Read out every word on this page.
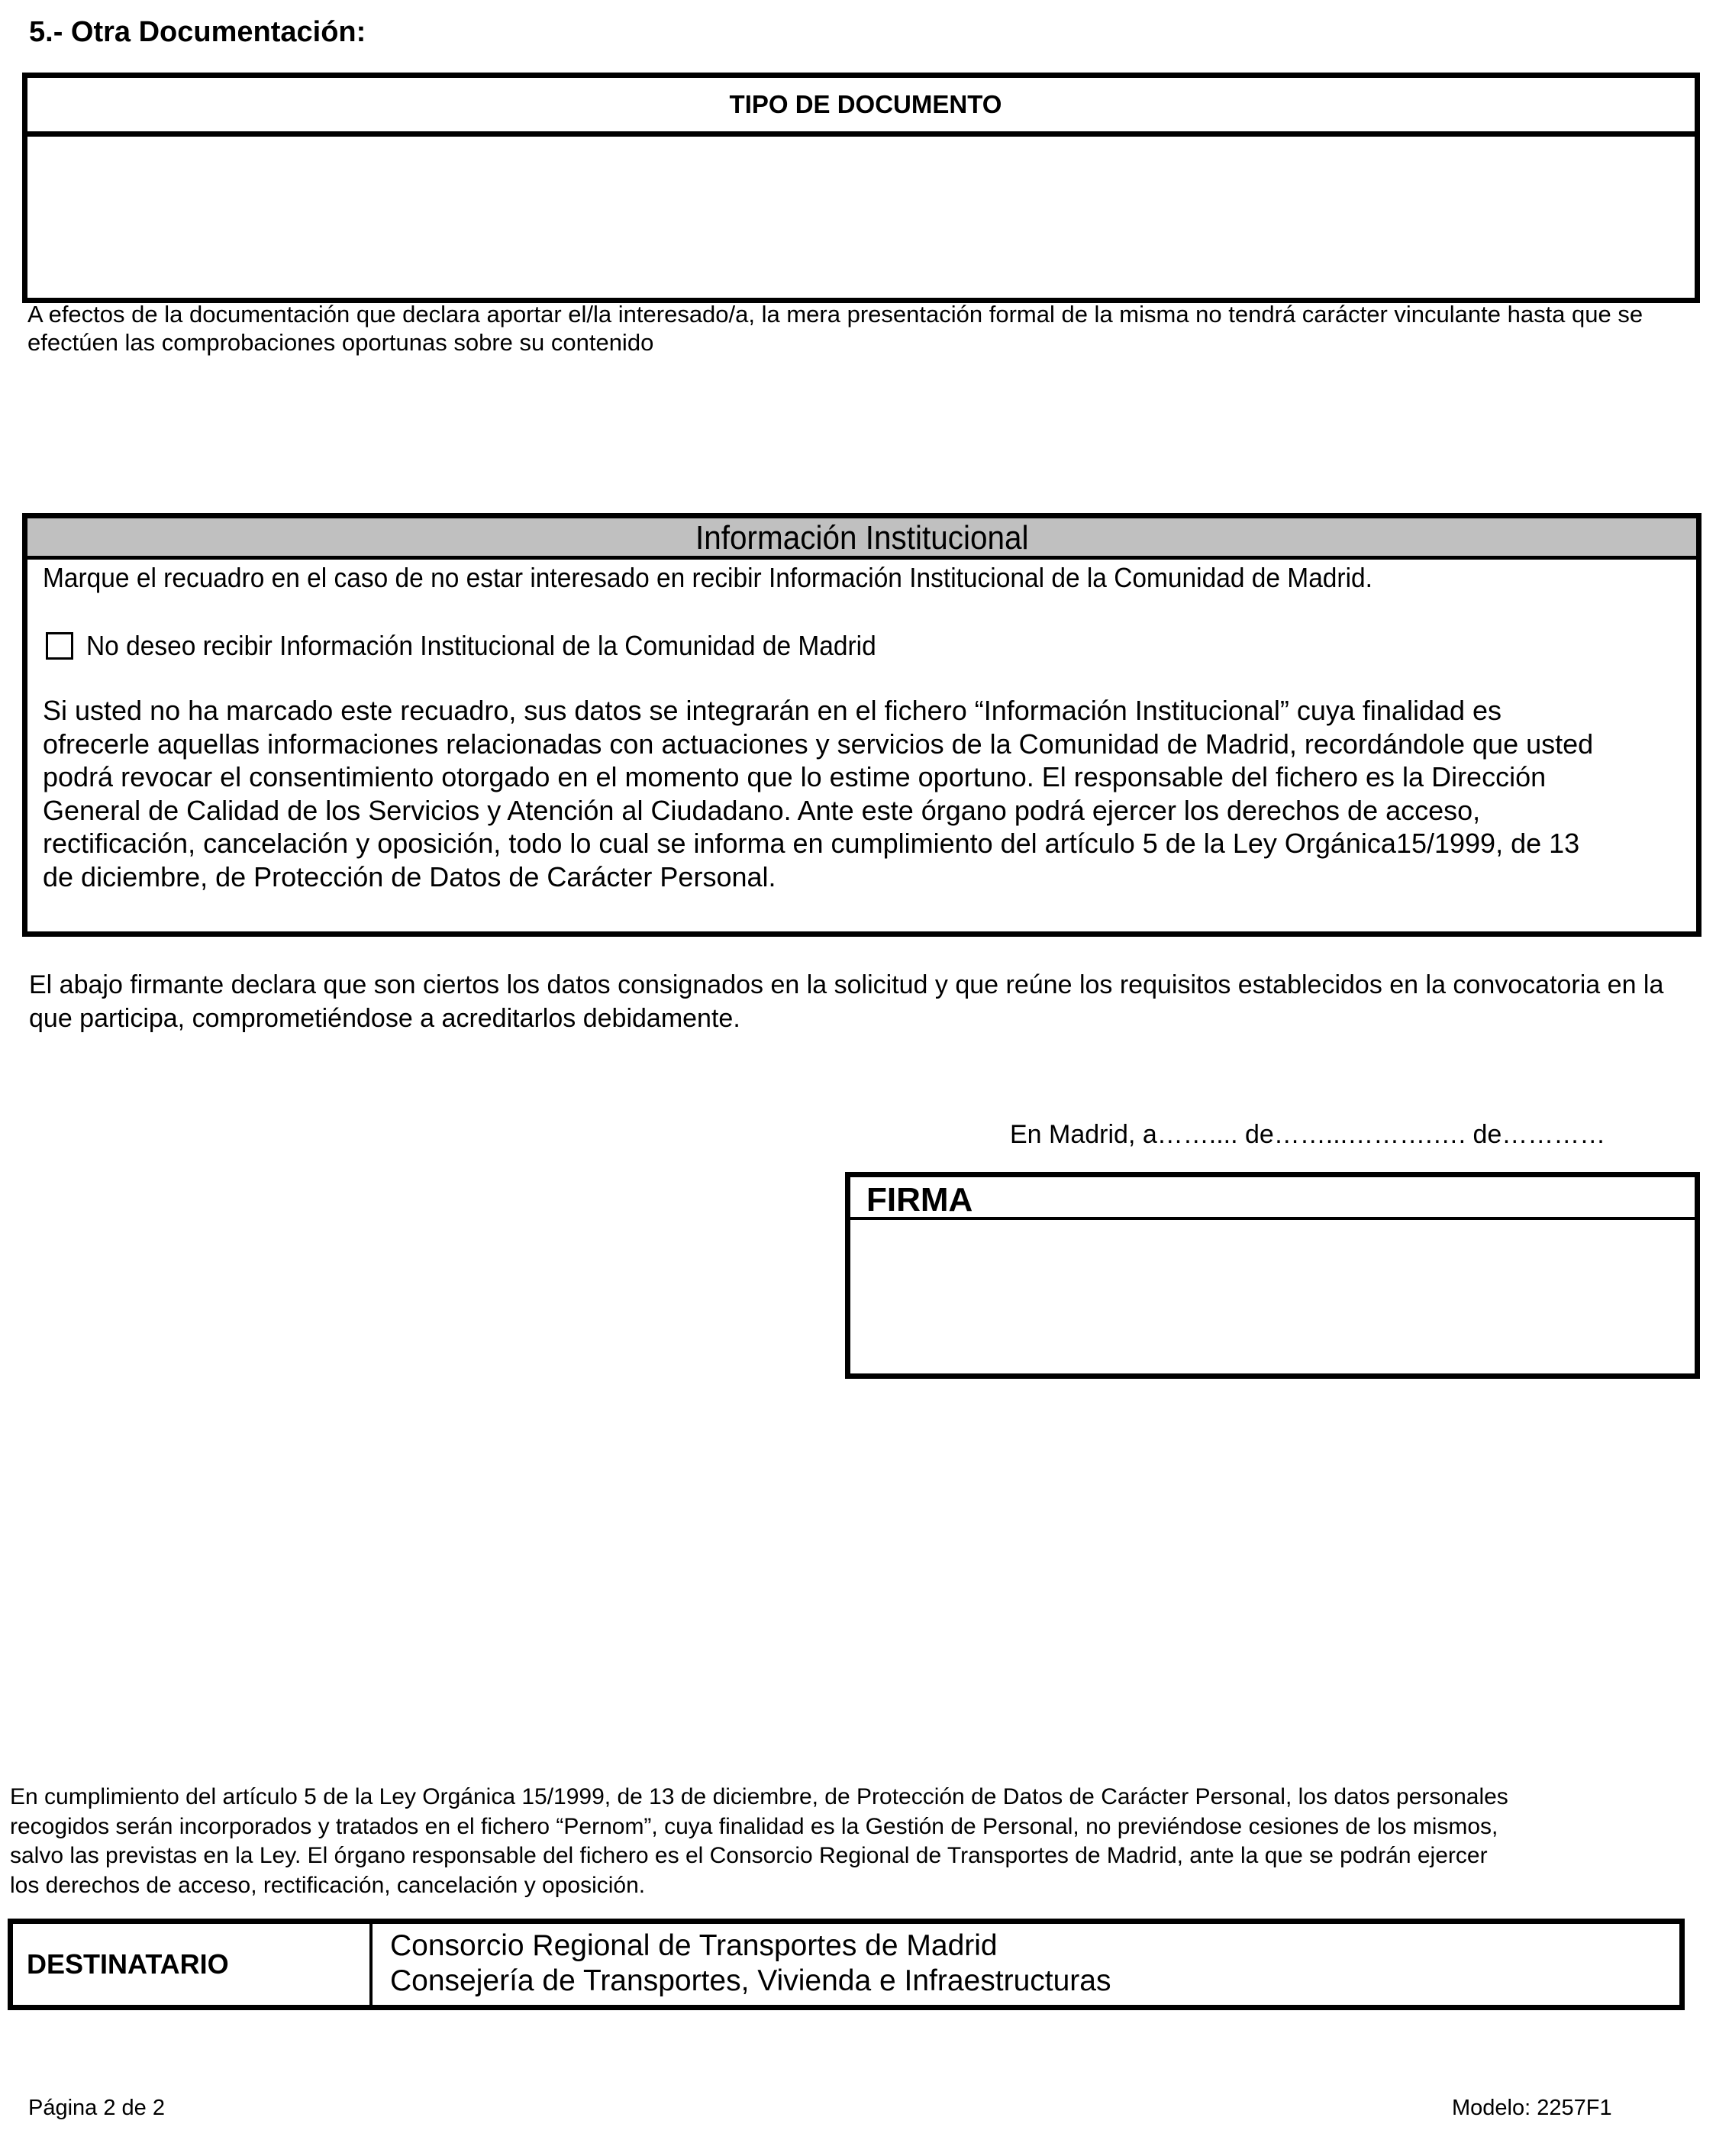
5.- Otra Documentación:
TIPO DE DOCUMENTO
A efectos de la documentación que declara aportar el/la interesado/a, la mera presentación formal de la misma no tendrá carácter vinculante hasta que se efectúen las comprobaciones oportunas sobre su contenido
Información Institucional
Marque el recuadro en el caso de no estar interesado en recibir Información Institucional de la Comunidad de Madrid.
No deseo recibir Información Institucional de la Comunidad de Madrid
Si usted no ha marcado este recuadro, sus datos se integrarán en el fichero “Información Institucional” cuya finalidad es
ofrecerle aquellas informaciones relacionadas con actuaciones y servicios de la Comunidad de Madrid, recordándole que usted
podrá revocar el consentimiento otorgado en el momento que lo estime oportuno. El responsable del fichero es la Dirección
General de Calidad de los Servicios y Atención al Ciudadano. Ante este órgano podrá ejercer los derechos de acceso,
rectificación, cancelación y oposición, todo lo cual se informa en cumplimiento del artículo 5 de la Ley Orgánica15/1999, de 13
de diciembre, de Protección de Datos de Carácter Personal.
El abajo firmante declara que son ciertos los datos consignados en la solicitud y que reúne los requisitos establecidos en la convocatoria en la que participa, comprometiéndose a acreditarlos debidamente.
En Madrid, a…….... de……...……….…. de…………
FIRMA
En cumplimiento del artículo 5 de la Ley Orgánica 15/1999, de 13 de diciembre, de Protección de Datos de Carácter Personal, los datos personales
recogidos serán incorporados y tratados en el fichero “Pernom”, cuya finalidad es la Gestión de Personal, no previéndose cesiones de los mismos,
salvo las previstas en la Ley. El órgano responsable del fichero es el Consorcio Regional de Transportes de Madrid, ante la que se podrán ejercer
los derechos de acceso, rectificación, cancelación y oposición.
DESTINATARIO
Consorcio Regional de Transportes de Madrid
Consejería de Transportes, Vivienda e Infraestructuras
Página 2 de 2	Modelo: 2257F1
